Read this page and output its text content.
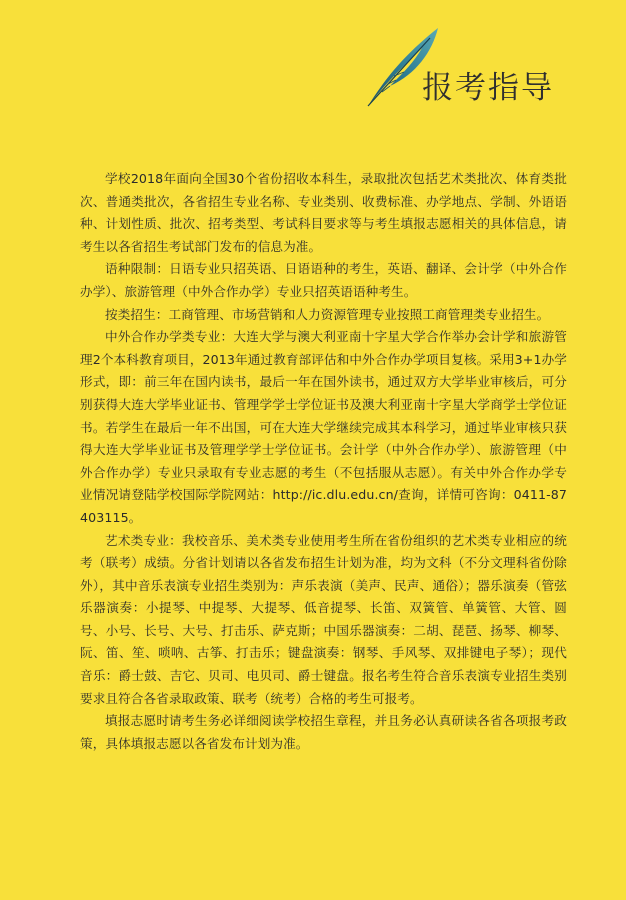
报考指导

学校2018年面向全国30个省份招收本科生，录取批次包括艺术类批次、体育类批次、普通类批次，各省招生专业名称、专业类别、收费标准、办学地点、学制、外语语种、计划性质、批次、招考类型、考试科目要求等与考生填报志愿相关的具体信息，请考生以各省招生考试部门发布的信息为准。

语种限制：日语专业只招英语、日语语种的考生，英语、翻译、会计学（中外合作办学）、旅游管理（中外合作办学）专业只招英语语种考生。

按类招生：工商管理、市场营销和人力资源管理专业按照工商管理类专业招生。

中外合作办学类专业：大连大学与澳大利亚南十字星大学合作举办会计学和旅游管理2个本科教育项目，2013年通过教育部评估和中外合作办学项目复核。采用3+1办学形式，即：前三年在国内读书，最后一年在国外读书，通过双方大学毕业审核后，可分别获得大连大学毕业证书、管理学学士学位证书及澳大利亚南十字星大学商学士学位证书。若学生在最后一年不出国，可在大连大学继续完成其本科学习，通过毕业审核只获得大连大学毕业证书及管理学学士学位证书。会计学（中外合作办学）、旅游管理（中外合作办学）专业只录取有专业志愿的考生（不包括服从志愿）。有关中外合作办学专业情况请登陆学校国际学院网站：http://ic.dlu.edu.cn/查询，详情可咨询：0411-87403115。

艺术类专业：我校音乐、美术类专业使用考生所在省份组织的艺术类专业相应的统考（联考）成绩。分省计划请以各省发布招生计划为准，均为文科（不分文理科省份除外），其中音乐表演专业招生类别为：声乐表演（美声、民声、通俗）；器乐演奏（管弦乐器演奏：小提琴、中提琴、大提琴、低音提琴、长笛、双簧管、单簧管、大管、圆号、小号、长号、大号、打击乐、萨克斯；中国乐器演奏：二胡、琵琶、扬琴、柳琴、阮、笛、笙、唢呐、古筝、打击乐；键盘演奏：钢琴、手风琴、双排键电子琴）；现代音乐：爵士鼓、吉它、贝司、电贝司、爵士键盘。报名考生符合音乐表演专业招生类别要求且符合各省录取政策、联考（统考）合格的考生可报考。

填报志愿时请考生务必详细阅读学校招生章程，并且务必认真研读各省各项报考政策，具体填报志愿以各省发布计划为准。
